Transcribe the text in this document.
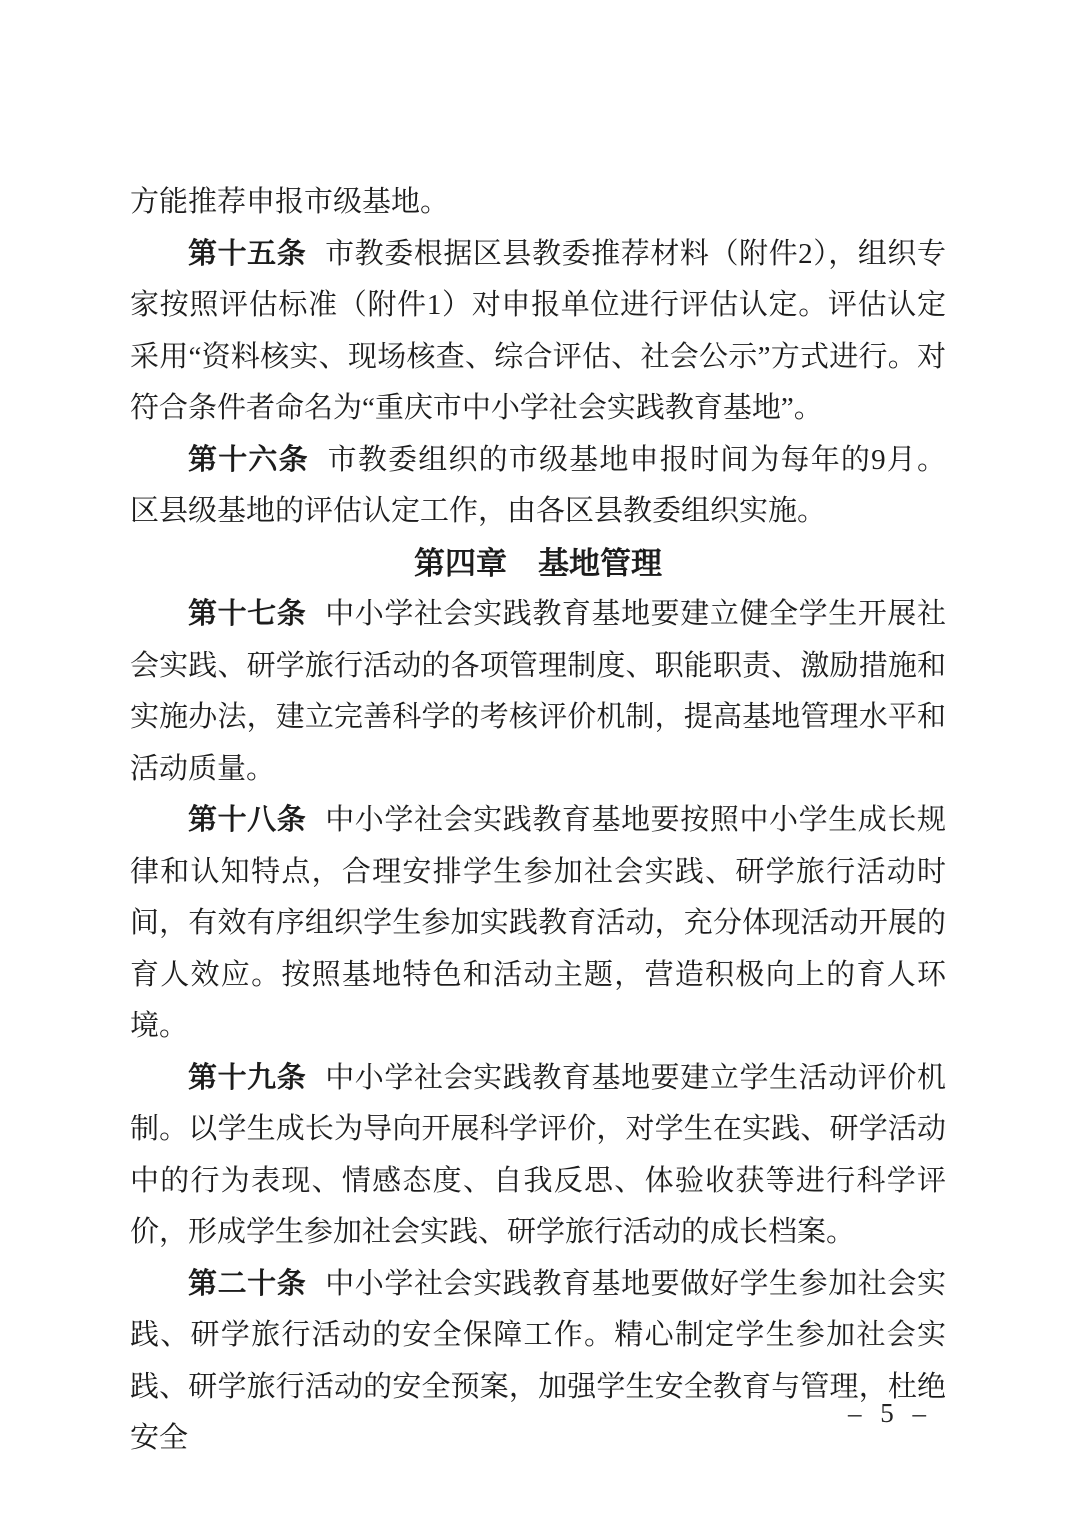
方能推荐申报市级基地。

第十五条 市教委根据区县教委推荐材料（附件2），组织专家按照评估标准（附件1）对申报单位进行评估认定。评估认定采用“资料核实、现场核查、综合评估、社会公示”方式进行。对符合条件者命名为“重庆市中小学社会实践教育基地”。

第十六条 市教委组织的市级基地申报时间为每年的9月。区县级基地的评估认定工作，由各区县教委组织实施。

第四章　基地管理

第十七条 中小学社会实践教育基地要建立健全学生开展社会实践、研学旅行活动的各项管理制度、职能职责、激励措施和实施办法，建立完善科学的考核评价机制，提高基地管理水平和活动质量。

第十八条 中小学社会实践教育基地要按照中小学生成长规律和认知特点，合理安排学生参加社会实践、研学旅行活动时间，有效有序组织学生参加实践教育活动，充分体现活动开展的育人效应。按照基地特色和活动主题，营造积极向上的育人环境。

第十九条 中小学社会实践教育基地要建立学生活动评价机制。以学生成长为导向开展科学评价，对学生在实践、研学活动中的行为表现、情感态度、自我反思、体验收获等进行科学评价，形成学生参加社会实践、研学旅行活动的成长档案。

第二十条 中小学社会实践教育基地要做好学生参加社会实践、研学旅行活动的安全保障工作。精心制定学生参加社会实践、研学旅行活动的安全预案，加强学生安全教育与管理，杜绝安全

– 5 –
